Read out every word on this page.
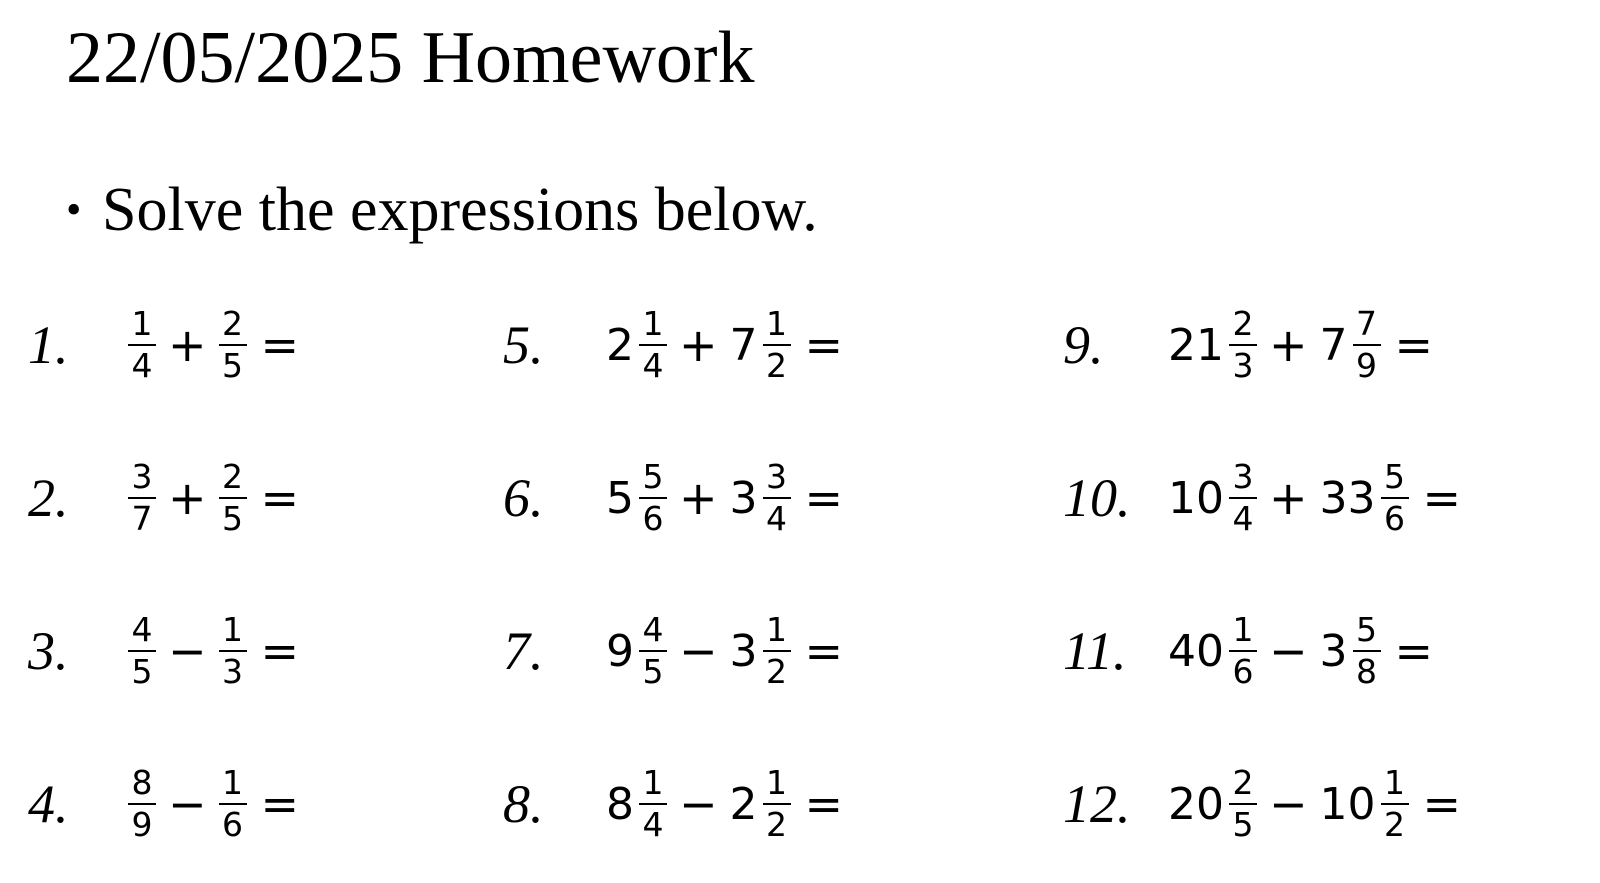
22/05/2025 Homework
• Solve the expressions below.
1. $\frac{1}{4} + \frac{2}{5}$ =
2. $\frac{3}{7} + \frac{2}{5}$ =
3. $\frac{4}{5} - \frac{1}{3}$ =
4. $\frac{8}{9} - \frac{1}{6}$ =
5. $2 \frac{1}{4} + 7 \frac{1}{2}$ =
6. $5 \frac{5}{6} + 3 \frac{3}{4}$ =
7. $9 \frac{4}{5} - 3 \frac{1}{2}$ =
8. $8 \frac{1}{4} - 2 \frac{1}{2}$ =
9. $21 \frac{2}{3} + 7 \frac{7}{9}$ =
10. $10 \frac{3}{4} + 33 \frac{5}{6}$ =
11. $40 \frac{1}{6} - 3 \frac{5}{8}$ =
12. $20 \frac{2}{5} - 10 \frac{1}{2}$ =
